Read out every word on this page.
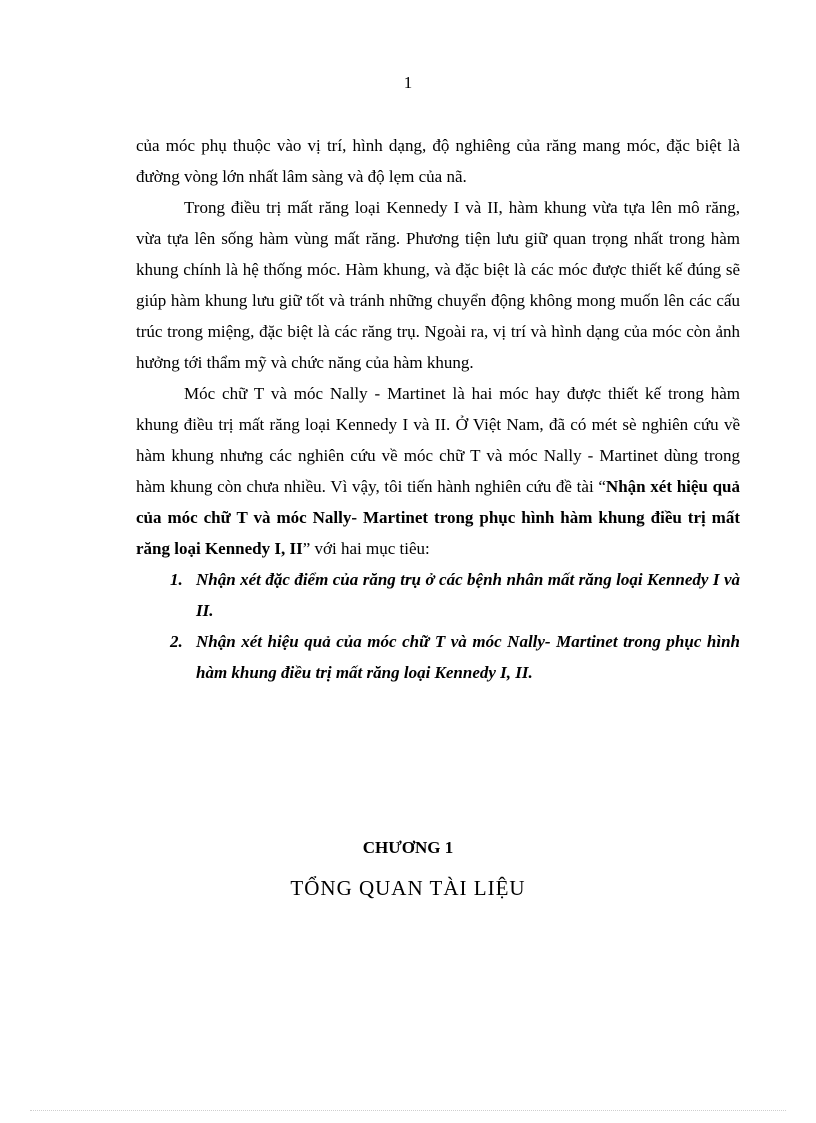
1

của móc phụ thuộc vào vị trí, hình dạng, độ nghiêng của răng mang móc, đặc biệt là đường vòng lớn nhất lâm sàng và độ lẹm của nã.

Trong điều trị mất răng loại Kennedy I và II, hàm khung vừa tựa lên mô răng, vừa tựa lên sống hàm vùng mất răng. Phương tiện lưu giữ quan trọng nhất trong hàm khung chính là hệ thống móc. Hàm khung, và đặc biệt là các móc được thiết kế đúng sẽ giúp hàm khung lưu giữ tốt và tránh những chuyển động không mong muốn lên các cấu trúc trong miệng, đặc biệt là các răng trụ. Ngoài ra, vị trí và hình dạng của móc còn ảnh hưởng tới thẩm mỹ và chức năng của hàm khung.

Móc chữ T và móc Nally - Martinet là hai móc hay được thiết kế trong hàm khung điều trị mất răng loại Kennedy I và II. Ở Việt Nam, đã có mét sè nghiên cứu về hàm khung nhưng các nghiên cứu về móc chữ T và móc Nally - Martinet dùng trong hàm khung còn chưa nhiều. Vì vậy, tôi tiến hành nghiên cứu đề tài “Nhận xét hiệu quả của móc chữ T và móc Nally- Martinet trong phục hình hàm khung điều trị mất răng loại Kennedy I, II” với hai mục tiêu:

1. Nhận xét đặc điểm của răng trụ ở các bệnh nhân mất răng loại Kennedy I và II.
2. Nhận xét hiệu quả của móc chữ T và móc Nally- Martinet trong phục hình hàm khung điều trị mất răng loại Kennedy I, II.
CHƯƠNG 1
TỔNG QUAN TÀI LIỆU
